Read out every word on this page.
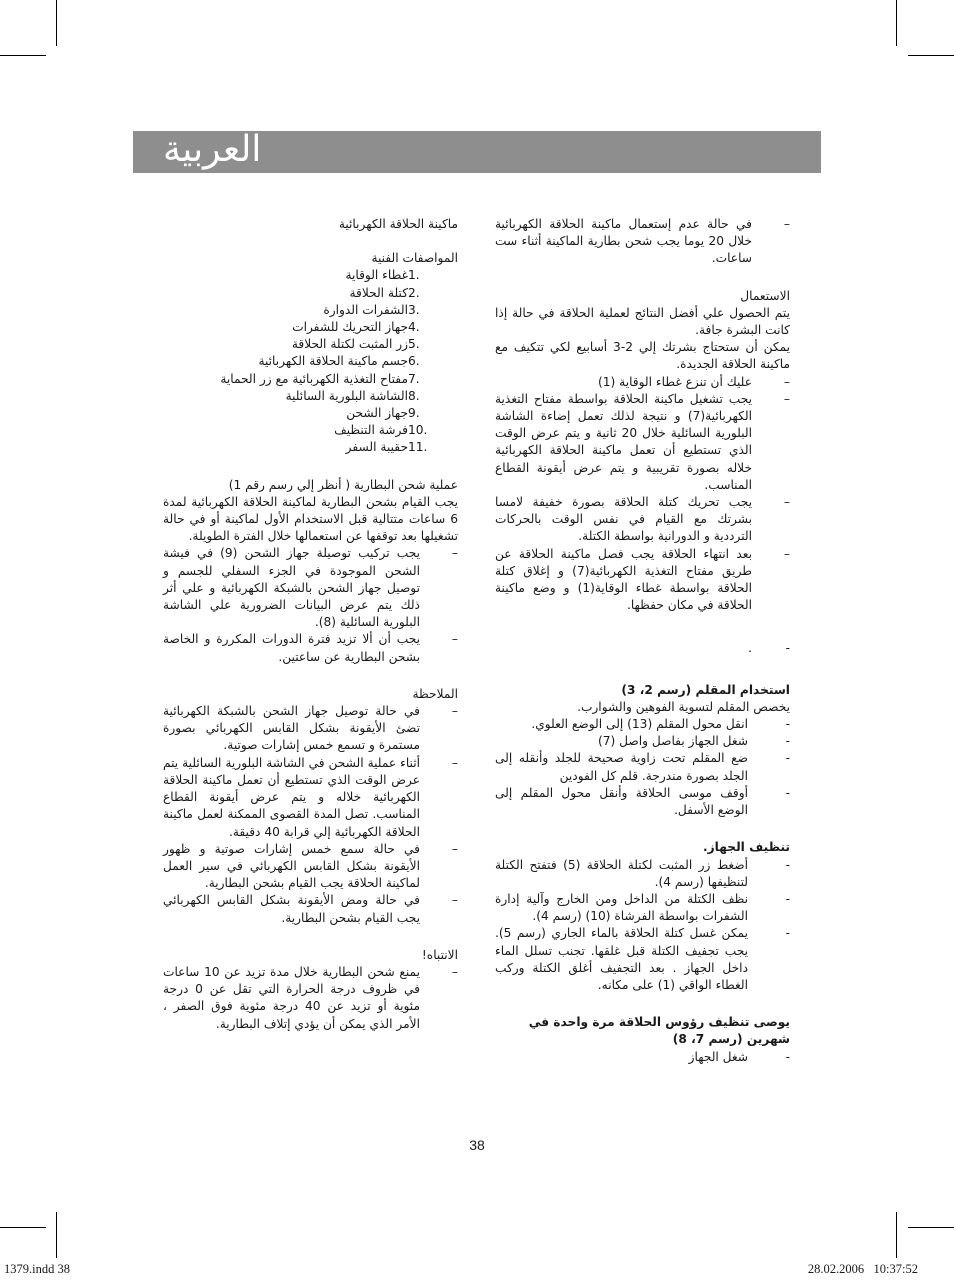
العربية
–
في حالة عدم إستعمال ماكينة الحلاقة الكهربائية خلال 20 يوما يجب شحن بطارية الماكينة أثناء ست ساعات.

الاستعمال

يتم الحصول علي أفضل النتائج لعملية الحلاقة في حالة إذا كانت البشرة جافة.

يمكن أن ستحتاج بشرتك إلي 2-3 أسابيع لكي تتكيف مع ماكينة الحلاقة الجديدة.

–
عليك أن تنزع غطاء الوقاية (1)
–
يجب تشغيل ماكينة الحلاقة بواسطة مفتاح التغذية الكهربائية(7) و نتيجة لذلك تعمل إضاءة الشاشة البلورية السائلية خلال 20 ثانية و يتم عرض الوقت الذي تستطيع أن تعمل ماكينة الحلاقة الكهربائية خلاله بصورة تقريبية و يتم عرض أيقونة القطاع المناسب.
–
يجب تحريك كتلة الحلاقة بصورة خفيفة لامسا بشرتك مع القيام في نفس الوقت بالحركات الترددية و الدورانية بواسطة الكتلة.
–
بعد انتهاء الحلاقة يجب فصل ماكينة الحلاقة عن طريق مفتاح التغذية الكهربائية(7) و إغلاق كتلة الحلاقة بواسطة غطاء الوقاية(1) و وضع ماكينة الحلاقة في مكان حفظها.
-
.

استخدام المقلم (رسم 2، 3)

يخصص المقلم لتسوية الفوهين والشوارب.

-
انقل محول المقلم (13) إلى الوضع العلوي.
-
شغل الجهاز بفاصل واصل (7)
-
ضع المقلم تحت زاوية صحيحة للجلد وأنقله إلى الجلد بصورة مندرجة. قلم كل الفودين
-
أوقف موسى الحلاقة وأنقل محول المقلم إلى الوضع الأسفل.

تنظيف الجهاز.

-
أضغط زر المثبت لكتلة الحلاقة (5) فتفتح الكتلة لتنظيفها (رسم 4).
-
نظف الكتلة من الداخل ومن الخارج وآلية إدارة الشفرات بواسطة الفرشاة (10) (رسم 4).
-
يمكن غسل كتلة الحلاقة بالماء الجاري (رسم 5). يجب تجفيف الكتلة قبل غلقها. تجنب تسلل الماء داخل الجهاز . بعد التجفيف أغلق الكتلة وركب الغطاء الواقي (1) على مكانه.

يوصى تنظيف رؤوس الحلاقة مرة واحدة في شهرين (رسم 7، 8)

-
شغل الجهاز

ماكينة الحلاقة الكهربائية

المواصفات الفنية

1.
غطاء الوقاية
2.
كتلة الحلاقة
3.
الشفرات الدوارة
4.
جهاز التحريك للشفرات
5.
زر المثبت لكتلة الحلاقة
6.
جسم ماكينة الحلاقة الكهربائية
7.
مفتاح التغذية الكهربائية مع زر الحماية
8.
الشاشة البلورية السائلية
9.
جهاز الشحن
10.
فرشة التنظيف
11.
حقيبة السفر

عملية شحن البطارية ( أنظر إلي رسم رقم 1)

يجب القيام بشحن البطارية لماكينة الحلاقة الكهربائية لمدة 6 ساعات متتالية قبل الاستخدام الأول لماكينة أو في حالة تشغيلها بعد توقفها عن استعمالها خلال الفترة الطويلة.

–
يجب تركيب توصيلة جهاز الشحن (9) في فيشة الشحن الموجودة في الجزء السفلي للجسم و توصيل جهاز الشحن بالشبكة الكهربائية و علي أثر ذلك يتم عرض البيانات الضرورية علي الشاشة البلورية السائلية (8).
–
يجب أن ألا تزيد فترة الدورات المكررة و الخاصة بشحن البطارية عن ساعتين.

الملاحظة

–
في حالة توصيل جهاز الشحن بالشبكة الكهربائية تضئ الأيقونة بشكل القابس الكهربائي بصورة مستمرة و تسمع خمس إشارات صوتية.
–
أثناء عملية الشحن في الشاشة البلورية السائلية يتم عرض الوقت الذي تستطيع أن تعمل ماكينة الحلاقة الكهربائية خلاله و يتم عرض أيقونة القطاع المناسب. تصل المدة القصوى الممكنة لعمل ماكينة الحلاقة الكهربائية إلي قرابة 40 دقيقة.
–
في حالة سمع خمس إشارات صوتية و ظهور الأيقونة بشكل القابس الكهربائي في سير العمل لماكينة الحلاقة يجب القيام بشحن البطارية.
–
في حالة ومض الأيقونة بشكل القابس الكهربائي يجب القيام بشحن البطارية.

الانتباه!

–
يمنع شحن البطارية خلال مدة تزيد عن 10 ساعات في ظروف درجة الحرارة التي تقل عن 0 درجة مئوية أو تزيد عن 40 درجة مئوية فوق الصفر ، الأمر الذي يمكن أن يؤدي إتلاف البطارية.
38
1379.indd 38	28.02.2006   10:37:52
